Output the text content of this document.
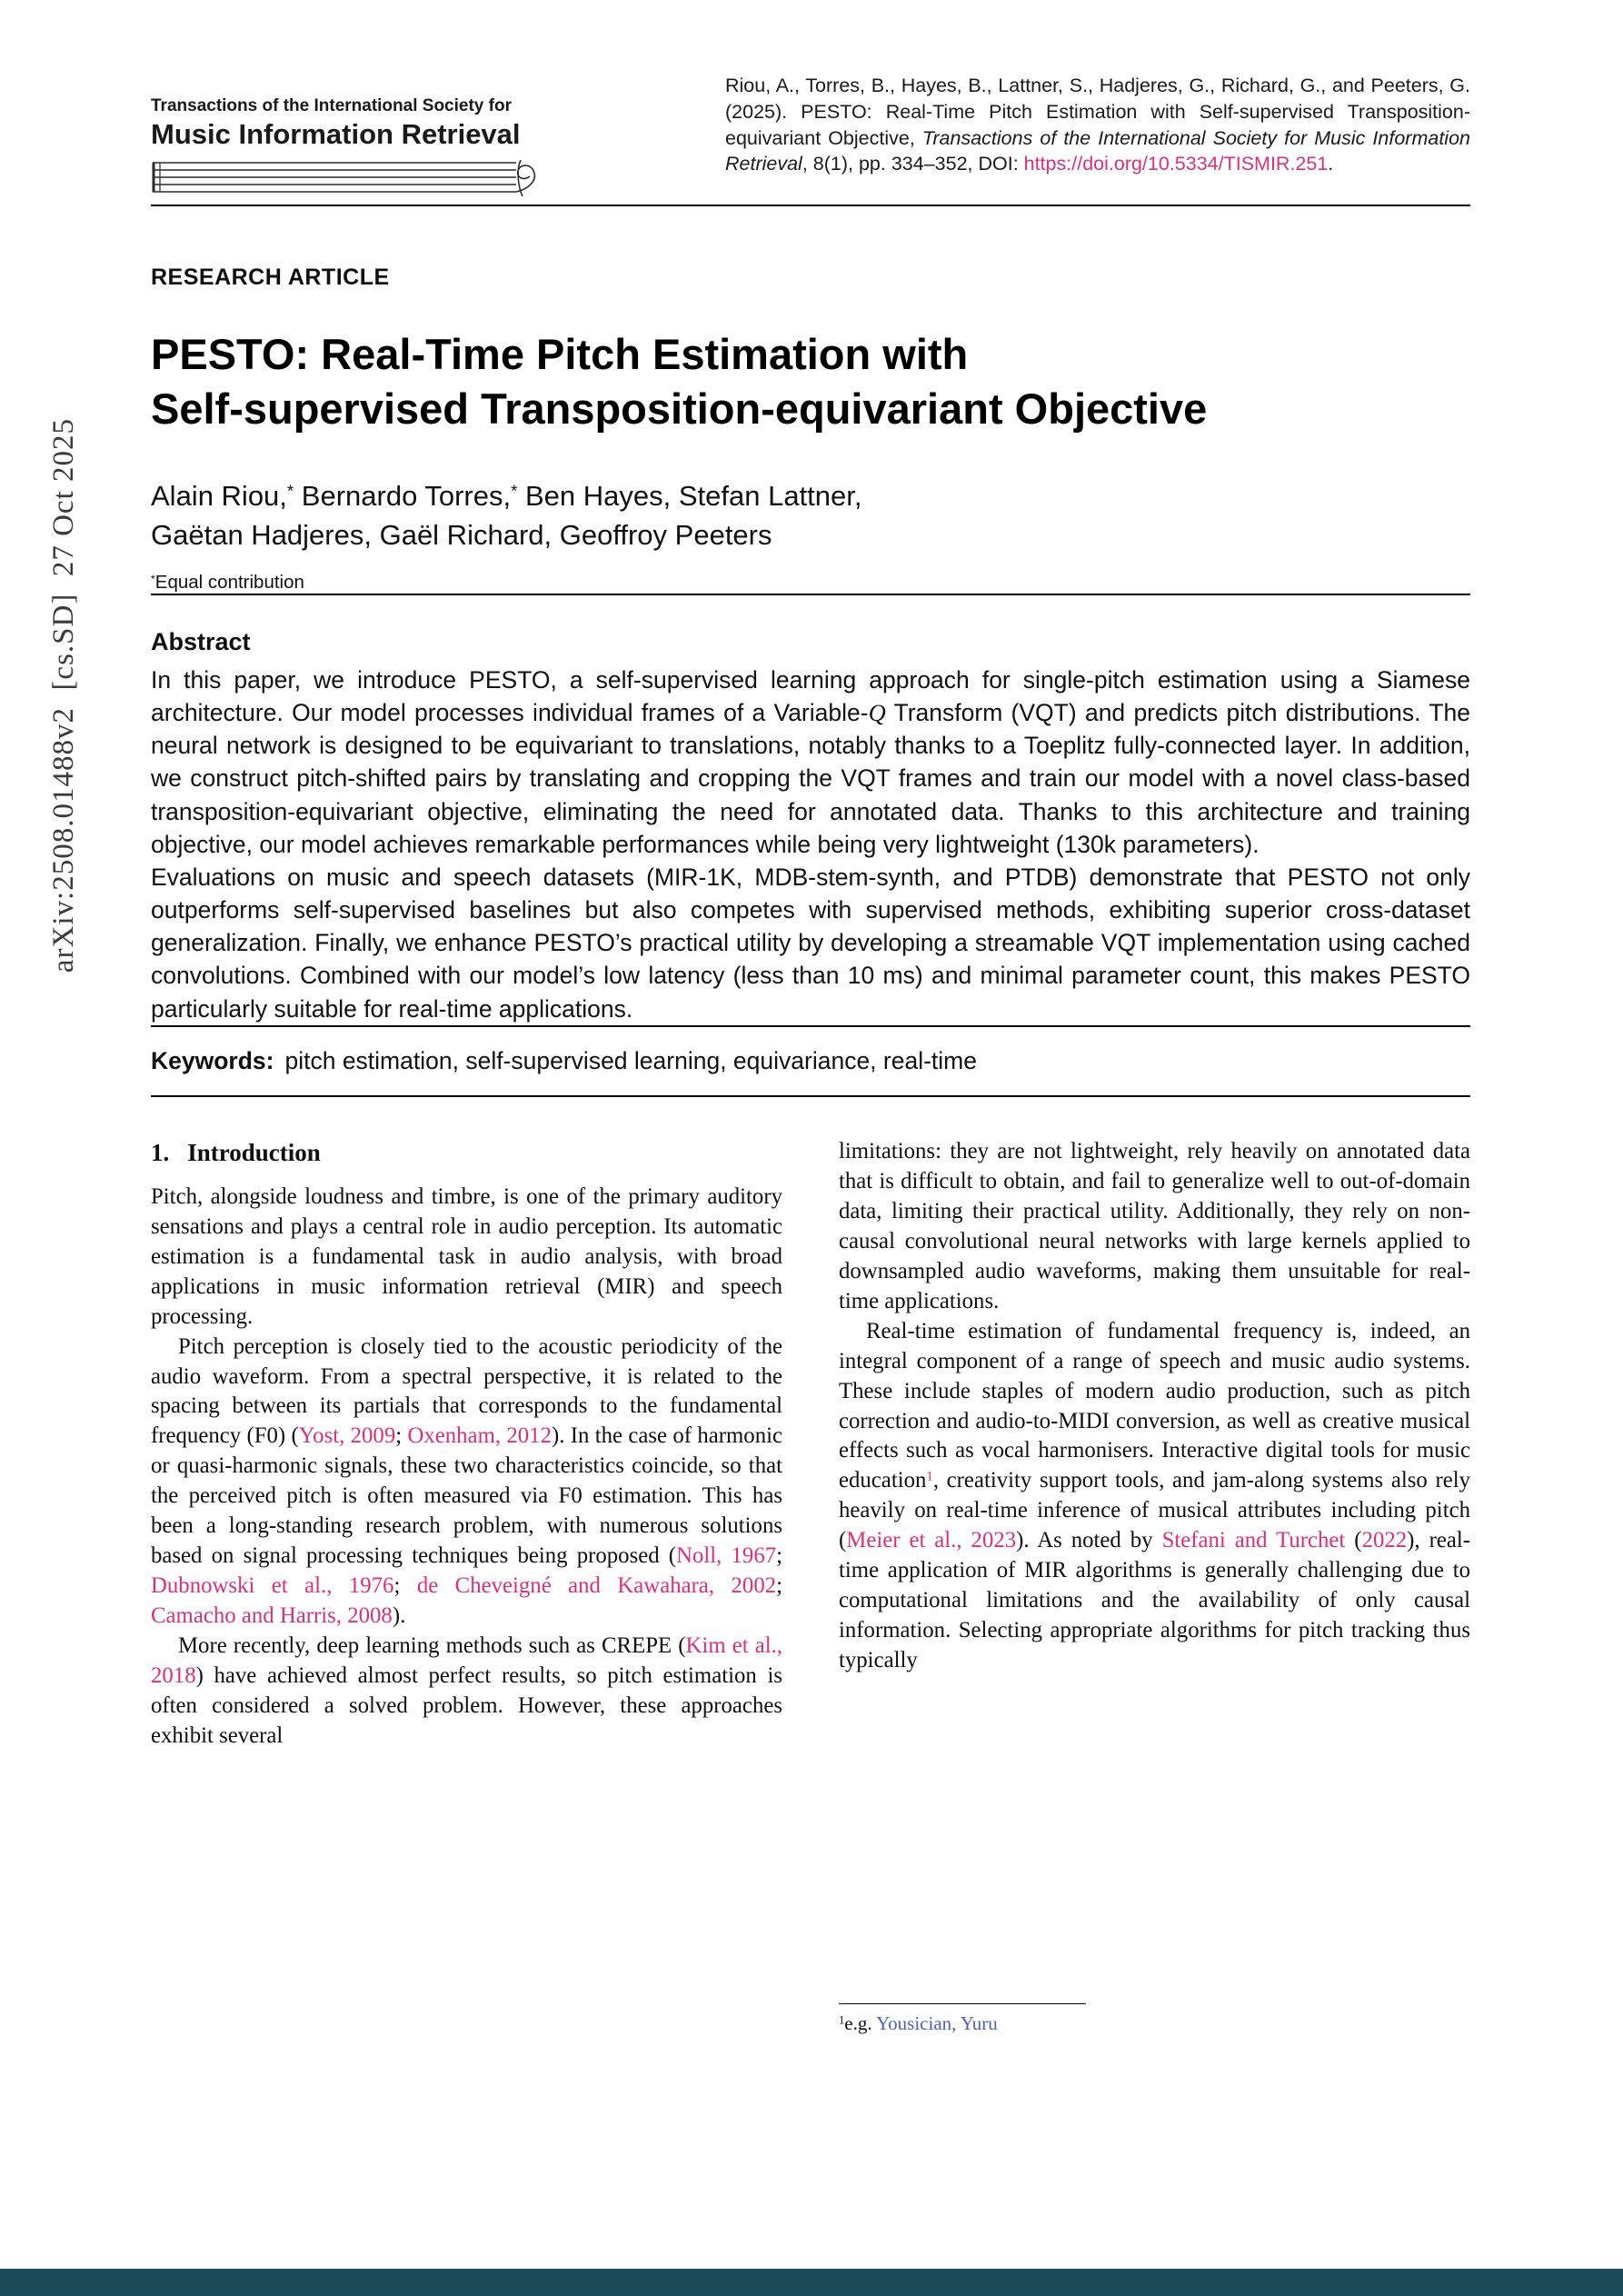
arXiv:2508.01488v2  [cs.SD]  27 Oct 2025
Transactions of the International Society for
Music Information Retrieval
Riou, A., Torres, B., Hayes, B., Lattner, S., Hadjeres, G., Richard, G., and Peeters, G. (2025). PESTO: Real-Time Pitch Estimation with Self-supervised Transposition-equivariant Objective, Transactions of the International Society for Music Information Retrieval, 8(1), pp. 334–352, DOI: https://doi.org/10.5334/TISMIR.251.
RESEARCH ARTICLE
PESTO: Real-Time Pitch Estimation with
Self-supervised Transposition-equivariant Objective
Alain Riou,* Bernardo Torres,* Ben Hayes, Stefan Lattner,
Gaëtan Hadjeres, Gaël Richard, Geoffroy Peeters
*Equal contribution
Abstract

In this paper, we introduce PESTO, a self-supervised learning approach for single-pitch estimation using a Siamese architecture. Our model processes individual frames of a Variable-Q Transform (VQT) and predicts pitch distributions. The neural network is designed to be equivariant to translations, notably thanks to a Toeplitz fully-connected layer. In addition, we construct pitch-shifted pairs by translating and cropping the VQT frames and train our model with a novel class-based transposition-equivariant objective, eliminating the need for annotated data. Thanks to this architecture and training objective, our model achieves remarkable performances while being very lightweight (130k parameters).

Evaluations on music and speech datasets (MIR-1K, MDB-stem-synth, and PTDB) demonstrate that PESTO not only outperforms self-supervised baselines but also competes with supervised methods, exhibiting superior cross-dataset generalization. Finally, we enhance PESTO’s practical utility by developing a streamable VQT implementation using cached convolutions. Combined with our model’s low latency (less than 10 ms) and minimal parameter count, this makes PESTO particularly suitable for real-time applications.

Keywords: pitch estimation, self-supervised learning, equivariance, real-time
1. Introduction

Pitch, alongside loudness and timbre, is one of the primary auditory sensations and plays a central role in audio perception. Its automatic estimation is a fundamental task in audio analysis, with broad applications in music information retrieval (MIR) and speech processing.

Pitch perception is closely tied to the acoustic periodicity of the audio waveform. From a spectral perspective, it is related to the spacing between its partials that corresponds to the fundamental frequency (F0) (Yost, 2009; Oxenham, 2012). In the case of harmonic or quasi-harmonic signals, these two characteristics coincide, so that the perceived pitch is often measured via F0 estimation. This has been a long-standing research problem, with numerous solutions based on signal processing techniques being proposed (Noll, 1967; Dubnowski et al., 1976; de Cheveigné and Kawahara, 2002; Camacho and Harris, 2008).

More recently, deep learning methods such as CREPE (Kim et al., 2018) have achieved almost perfect results, so pitch estimation is often considered a solved problem. However, these approaches exhibit several

limitations: they are not lightweight, rely heavily on annotated data that is difficult to obtain, and fail to generalize well to out-of-domain data, limiting their practical utility. Additionally, they rely on non-causal convolutional neural networks with large kernels applied to downsampled audio waveforms, making them unsuitable for real-time applications.

Real-time estimation of fundamental frequency is, indeed, an integral component of a range of speech and music audio systems. These include staples of modern audio production, such as pitch correction and audio-to-MIDI conversion, as well as creative musical effects such as vocal harmonisers. Interactive digital tools for music education$^1$, creativity support tools, and jam-along systems also rely heavily on real-time inference of musical attributes including pitch (Meier et al., 2023). As noted by Stefani and Turchet (2022), real-time application of MIR algorithms is generally challenging due to computational limitations and the availability of only causal information. Selecting appropriate algorithms for pitch tracking thus typically

$^1$e.g. Yousician, Yuru
